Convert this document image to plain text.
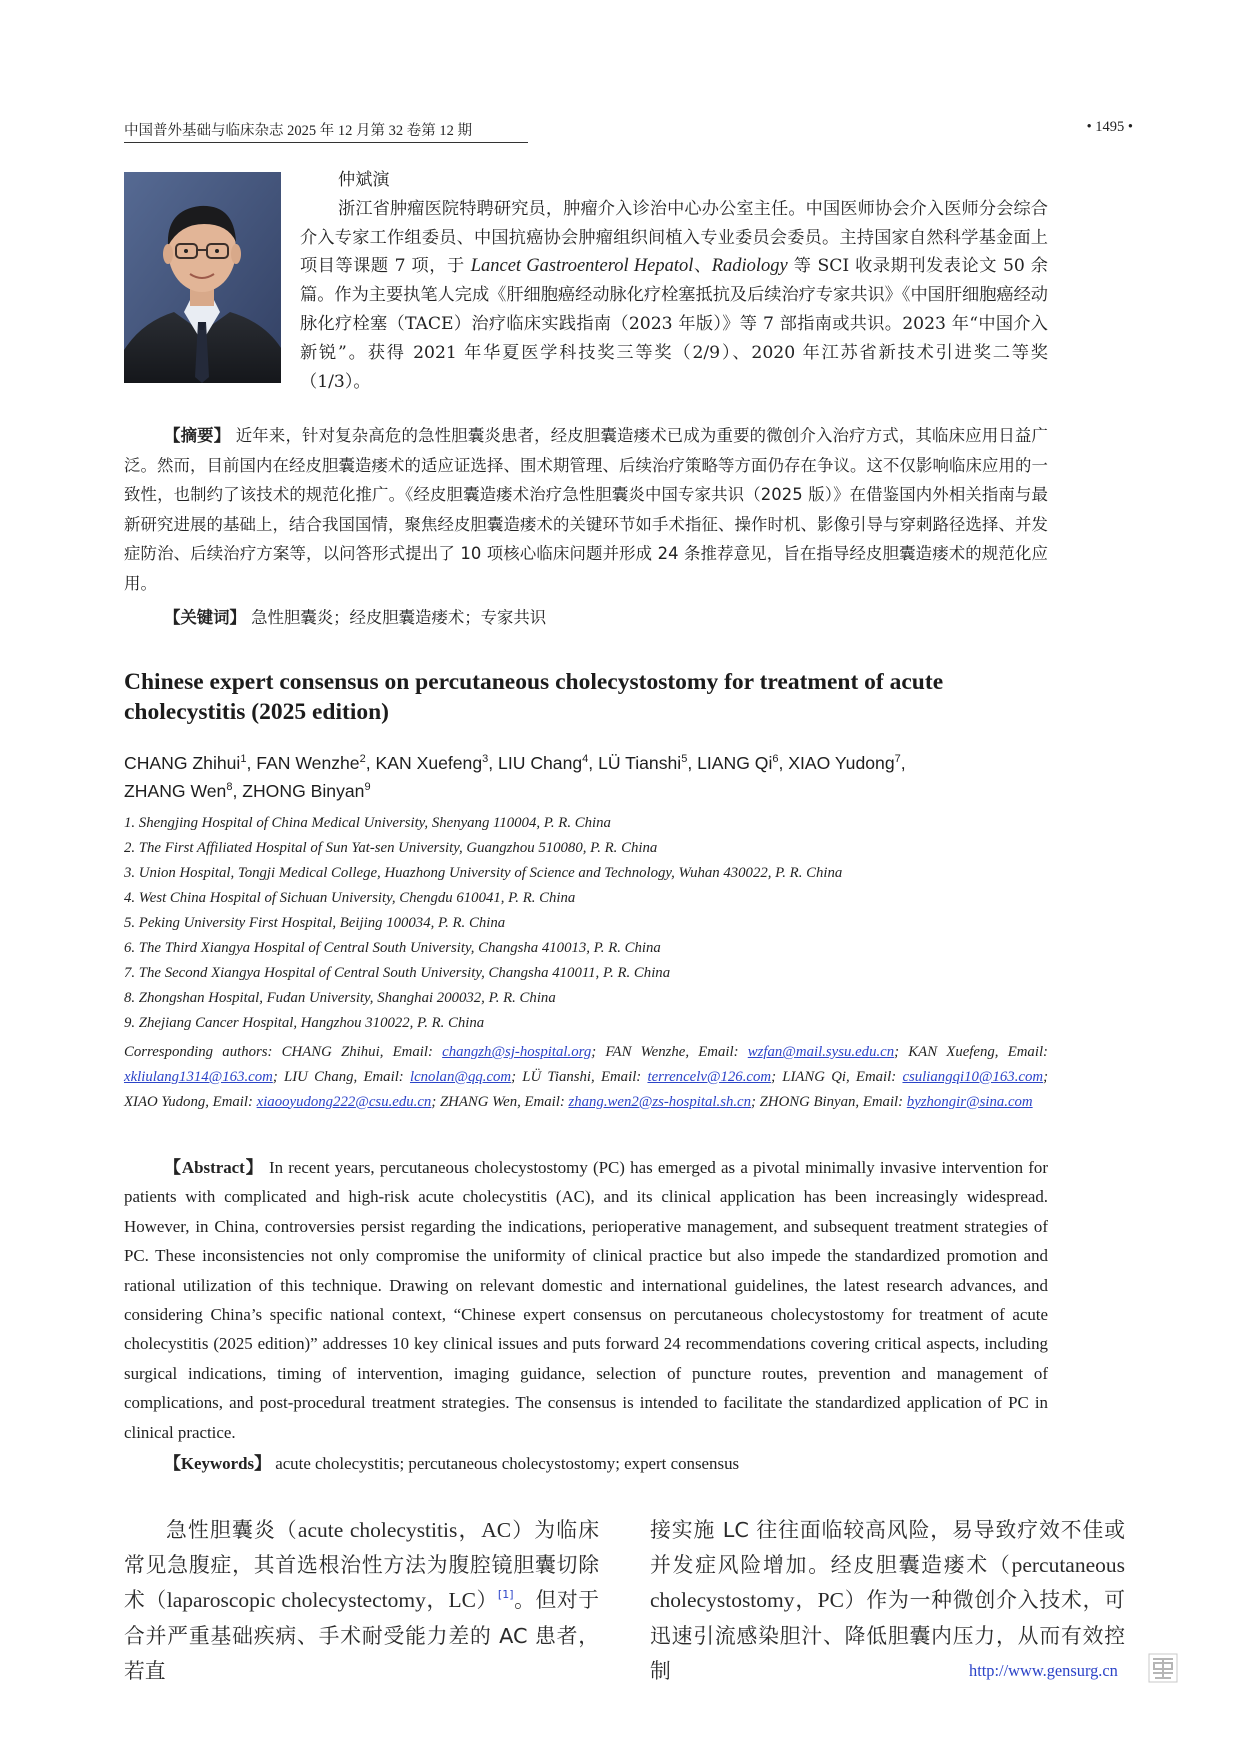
中国普外基础与临床杂志 2025 年 12 月第 32 卷第 12 期	• 1495 •
仲斌演
浙江省肿瘤医院特聘研究员，肿瘤介入诊治中心办公室主任。中国医师协会介入医师分会综合介入专家工作组委员、中国抗癌协会肿瘤组织间植入专业委员会委员。主持国家自然科学基金面上项目等课题 7 项，于 Lancet Gastroenterol Hepatol、Radiology 等 SCI 收录期刊发表论文 50 余篇。作为主要执笔人完成《肝细胞癌经动脉化疗栓塞抵抗及后续治疗专家共识》《中国肝细胞癌经动脉化疗栓塞（TACE）治疗临床实践指南（2023 年版）》等 7 部指南或共识。2023 年“中国介入新锐”。获得 2021 年华夏医学科技奖三等奖（2/9）、2020 年江苏省新技术引进奖二等奖（1/3）。
【摘要】 近年来，针对复杂高危的急性胆囊炎患者，经皮胆囊造瘘术已成为重要的微创介入治疗方式，其临床应用日益广泛。然而，目前国内在经皮胆囊造瘘术的适应证选择、围术期管理、后续治疗策略等方面仍存在争议。这不仅影响临床应用的一致性，也制约了该技术的规范化推广。《经皮胆囊造瘘术治疗急性胆囊炎中国专家共识（2025 版）》在借鉴国内外相关指南与最新研究进展的基础上，结合我国国情，聚焦经皮胆囊造瘘术的关键环节如手术指征、操作时机、影像引导与穿刺路径选择、并发症防治、后续治疗方案等，以问答形式提出了 10 项核心临床问题并形成 24 条推荐意见，旨在指导经皮胆囊造瘘术的规范化应用。
【关键词】 急性胆囊炎；经皮胆囊造瘘术；专家共识
Chinese expert consensus on percutaneous cholecystostomy for treatment of acute cholecystitis (2025 edition)
CHANG Zhihui$^1$, FAN Wenzhe$^2$, KAN Xuefeng$^3$, LIU Chang$^4$, LÜ Tianshi$^5$, LIANG Qi$^6$, XIAO Yudong$^7$,
ZHANG Wen$^8$, ZHONG Binyan$^9$
1. Shengjing Hospital of China Medical University, Shenyang 110004, P. R. China
2. The First Affiliated Hospital of Sun Yat-sen University, Guangzhou 510080, P. R. China
3. Union Hospital, Tongji Medical College, Huazhong University of Science and Technology, Wuhan 430022, P. R. China
4. West China Hospital of Sichuan University, Chengdu 610041, P. R. China
5. Peking University First Hospital, Beijing 100034, P. R. China
6. The Third Xiangya Hospital of Central South University, Changsha 410013, P. R. China
7. The Second Xiangya Hospital of Central South University, Changsha 410011, P. R. China
8. Zhongshan Hospital, Fudan University, Shanghai 200032, P. R. China
9. Zhejiang Cancer Hospital, Hangzhou 310022, P. R. China
Corresponding authors: CHANG Zhihui, Email: changzh@sj-hospital.org; FAN Wenzhe, Email: wzfan@mail.sysu.edu.cn; KAN Xuefeng, Email: xkliulang1314@163.com; LIU Chang, Email: lcnolan@qq.com; LÜ Tianshi, Email: terrencelv@126.com; LIANG Qi, Email: csuliangqi10@163.com; XIAO Yudong, Email: xiaooyudong222@csu.edu.cn; ZHANG Wen, Email: zhang.wen2@zs-hospital.sh.cn; ZHONG Binyan, Email: byzhongir@sina.com
【Abstract】 In recent years, percutaneous cholecystostomy (PC) has emerged as a pivotal minimally invasive intervention for patients with complicated and high-risk acute cholecystitis (AC), and its clinical application has been increasingly widespread. However, in China, controversies persist regarding the indications, perioperative management, and subsequent treatment strategies of PC. These inconsistencies not only compromise the uniformity of clinical practice but also impede the standardized promotion and rational utilization of this technique. Drawing on relevant domestic and international guidelines, the latest research advances, and considering China’s specific national context, “Chinese expert consensus on percutaneous cholecystostomy for treatment of acute cholecystitis (2025 edition)” addresses 10 key clinical issues and puts forward 24 recommendations covering critical aspects, including surgical indications, timing of intervention, imaging guidance, selection of puncture routes, prevention and management of complications, and post-procedural treatment strategies. The consensus is intended to facilitate the standardized application of PC in clinical practice.
【Keywords】 acute cholecystitis; percutaneous cholecystostomy; expert consensus
急性胆囊炎（acute cholecystitis，AC）为临床常见急腹症，其首选根治性方法为腹腔镜胆囊切除术（laparoscopic cholecystectomy，LC）[1]。但对于合并严重基础疾病、手术耐受能力差的 AC 患者，若直
接实施 LC 往往面临较高风险，易导致疗效不佳或并发症风险增加。经皮胆囊造瘘术（percutaneous cholecystostomy，PC）作为一种微创介入技术，可迅速引流感染胆汁、降低胆囊内压力，从而有效控制	http://www.gensurg.cn
